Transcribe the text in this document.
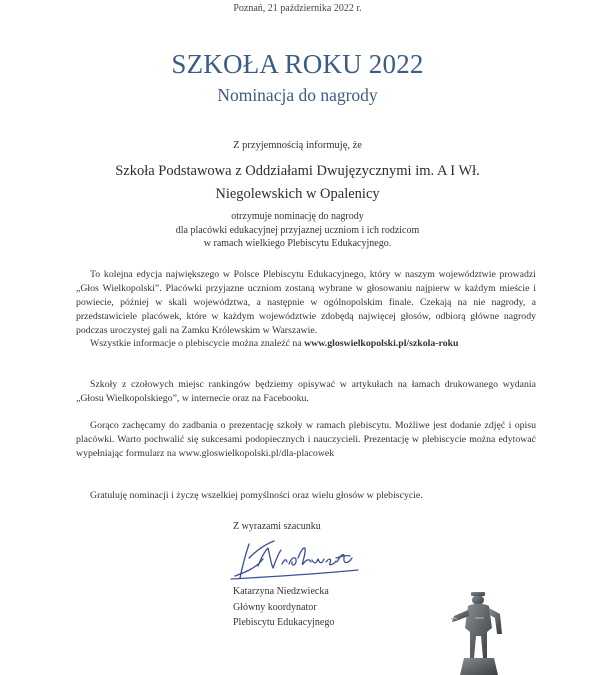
Poznań, 21 października 2022 r.
SZKOŁA ROKU 2022
Nominacja do nagrody
Z przyjemnością informuję, że
Szkoła Podstawowa z Oddziałami Dwujęzycznymi im. A I Wł.
Niegolewskich w Opalenicy
otrzymuje nominację do nagrody
dla placówki edukacyjnej przyjaznej uczniom i ich rodzicom
w ramach wielkiego Plebiscytu Edukacyjnego.

To kolejna edycja największego w Polsce Plebiscytu Edukacyjnego, który w naszym województwie prowadzi „Głos Wielkopolski”. Placówki przyjazne uczniom zostaną wybrane w głosowaniu najpierw w każdym mieście i powiecie, później w skali województwa, a następnie w ogólnopolskim finale. Czekają na nie nagrody, a przedstawiciele placówek, które w każdym województwie zdobędą najwięcej głosów, odbiorą główne nagrody podczas uroczystej gali na Zamku Królewskim w Warszawie.

Wszystkie informacje o plebiscycie można znaleźć na www.gloswielkopolski.pl/szkola-roku

Szkoły z czołowych miejsc rankingów będziemy opisywać w artykułach na łamach drukowanego wydania „Głosu Wielkopolskiego”, w internecie oraz na Facebooku.

Gorąco zachęcamy do zadbania o prezentację szkoły w ramach plebiscytu. Możliwe jest dodanie zdjęć i opisu placówki. Warto pochwalić się sukcesami podopiecznych i nauczycieli. Prezentację w plebiscycie można edytować wypełniając formularz na www.gloswielkopolski.pl/dla-placowek

Gratuluję nominacji i życzę wszelkiej pomyślności oraz wielu głosów w plebiscycie.

Z wyrazami szacunku
Katarzyna Niedzwiecka
Główny koordynator
Plebiscytu Edukacyjnego
